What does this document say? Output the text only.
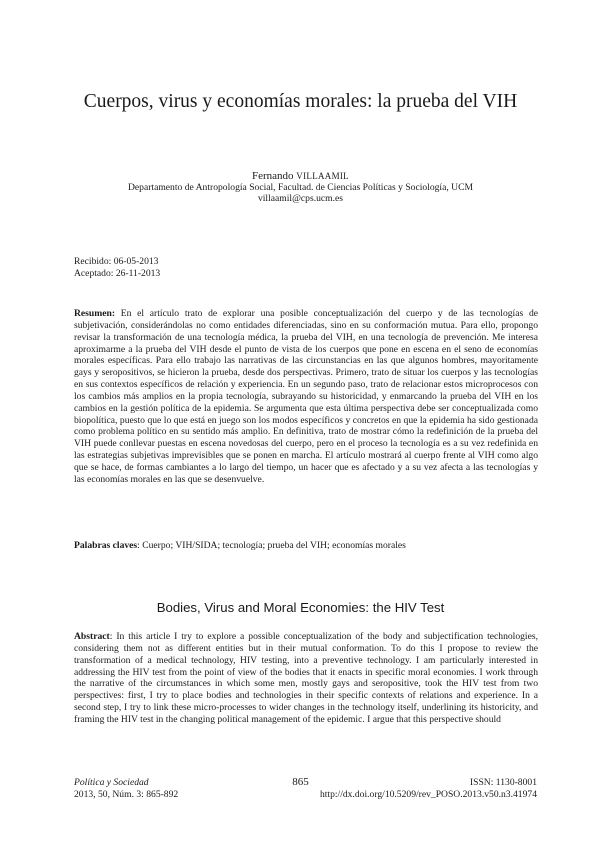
Cuerpos, virus y economías morales: la prueba del VIH
Fernando VILLAAMIL
Departamento de Antropología Social, Facultad. de Ciencias Políticas y Sociología, UCM
villaamil@cps.ucm.es
Recibido: 06-05-2013
Aceptado: 26-11-2013
Resumen: En el artículo trato de explorar una posible conceptualización del cuerpo y de las tecnologías de subjetivación, considerándolas no como entidades diferenciadas, sino en su conformación mutua. Para ello, propongo revisar la transformación de una tecnología médica, la prueba del VIH, en una tecnología de prevención. Me interesa aproximarme a la prueba del VIH desde el punto de vista de los cuerpos que pone en escena en el seno de economías morales específicas. Para ello trabajo las narrativas de las circunstancias en las que algunos hombres, mayoritamente gays y seropositivos, se hicieron la prueba, desde dos perspectivas. Primero, trato de situar los cuerpos y las tecnologías en sus contextos específicos de relación y experiencia. En un segundo paso, trato de relacionar estos microprocesos con los cambios más amplios en la propia tecnología, subrayando su historicidad, y enmarcando la prueba del VIH en los cambios en la gestión política de la epidemia. Se argumenta que esta última perspectiva debe ser conceptualizada como biopolítica, puesto que lo que está en juego son los modos específicos y concretos en que la epidemia ha sido gestionada como problema político en su sentido más amplio. En definitiva, trato de mostrar cómo la redefinición de la prueba del VIH puede conllevar puestas en escena novedosas del cuerpo, pero en el proceso la tecnología es a su vez redefinida en las estrategias subjetivas imprevisibles que se ponen en marcha. El artículo mostrará al cuerpo frente al VIH como algo que se hace, de formas cambiantes a lo largo del tiempo, un hacer que es afectado y a su vez afecta a las tecnologías y las economías morales en las que se desenvuelve.
Palabras claves: Cuerpo; VIH/SIDA; tecnología; prueba del VIH; economías morales
Bodies, Virus and Moral Economies: the HIV Test
Abstract: In this article I try to explore a possible conceptualization of the body and subjectification technologies, considering them not as different entities but in their mutual conformation. To do this I propose to review the transformation of a medical technology, HIV testing, into a preventive technology. I am particularly interested in addressing the HIV test from the point of view of the bodies that it enacts in specific moral economies. I work through the narrative of the circumstances in which some men, mostly gays and seropositive, took the HIV test from two perspectives: first, I try to place bodies and technologies in their specific contexts of relations and experience. In a second step, I try to link these micro-processes to wider changes in the technology itself, underlining its historicity, and framing the HIV test in the changing political management of the epidemic. I argue that this perspective should
Política y Sociedad
2013, 50, Núm. 3: 865-892
865	ISSN: 1130-8001
http://dx.doi.org/10.5209/rev_POSO.2013.v50.n3.41974
